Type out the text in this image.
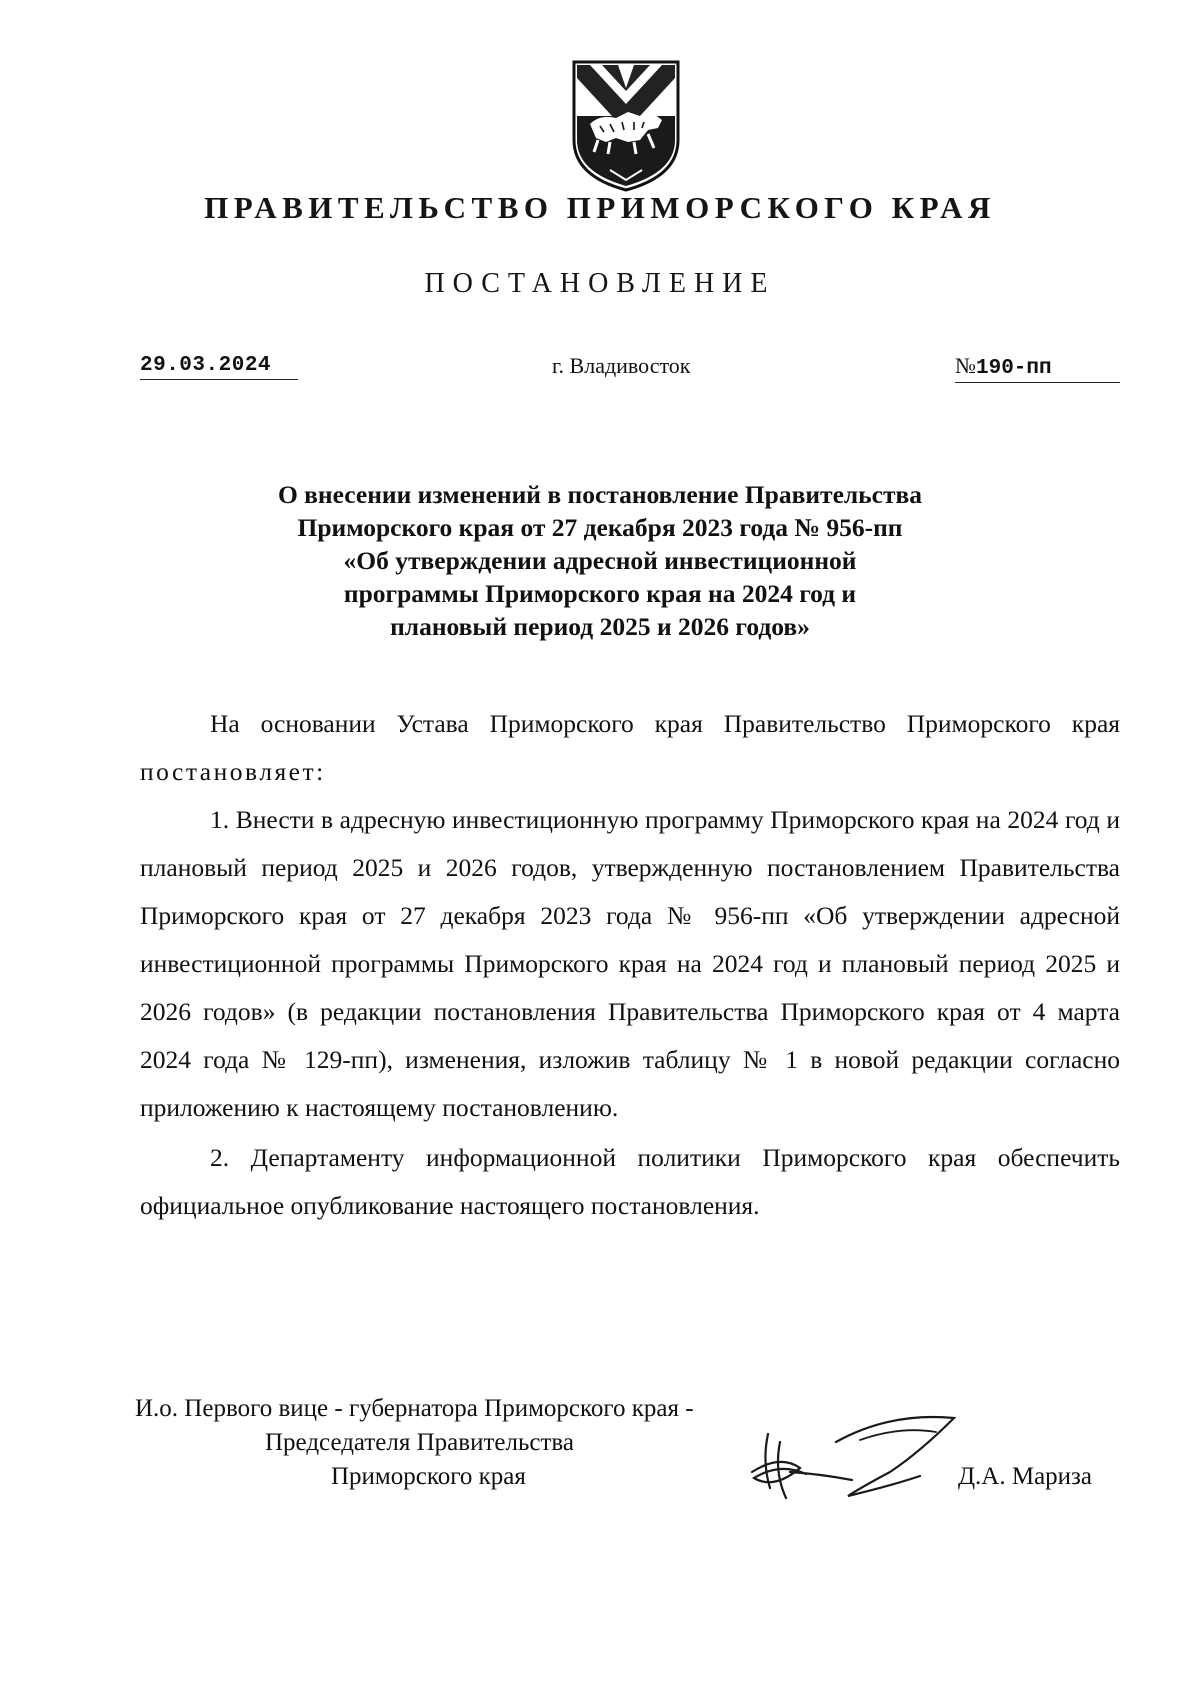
ПРАВИТЕЛЬСТВО ПРИМОРСКОГО КРАЯ
ПОСТАНОВЛЕНИЕ
29.03.2024	г. Владивосток	№190-пп
О внесении изменений в постановление Правительства
Приморского края от 27 декабря 2023 года № 956-пп
«Об утверждении адресной инвестиционной
программы Приморского края на 2024 год и
плановый период 2025 и 2026 годов»

На основании Устава Приморского края Правительство Приморского края постановляет:

1. Внести в адресную инвестиционную программу Приморского края на 2024 год и плановый период 2025 и 2026 годов, утвержденную постановлением Правительства Приморского края от 27 декабря 2023 года № 956-пп «Об утверждении адресной инвестиционной программы Приморского края на 2024 год и плановый период 2025 и 2026 годов» (в редакции постановления Правительства Приморского края от 4 марта 2024 года № 129-пп), изменения, изложив таблицу № 1 в новой редакции согласно приложению к настоящему постановлению.

2. Департаменту информационной политики Приморского края обеспечить официальное опубликование настоящего постановления.

И.о. Первого вице - губернатора Приморского края -
Председателя Правительства
Приморского края	Д.А. Мариза
